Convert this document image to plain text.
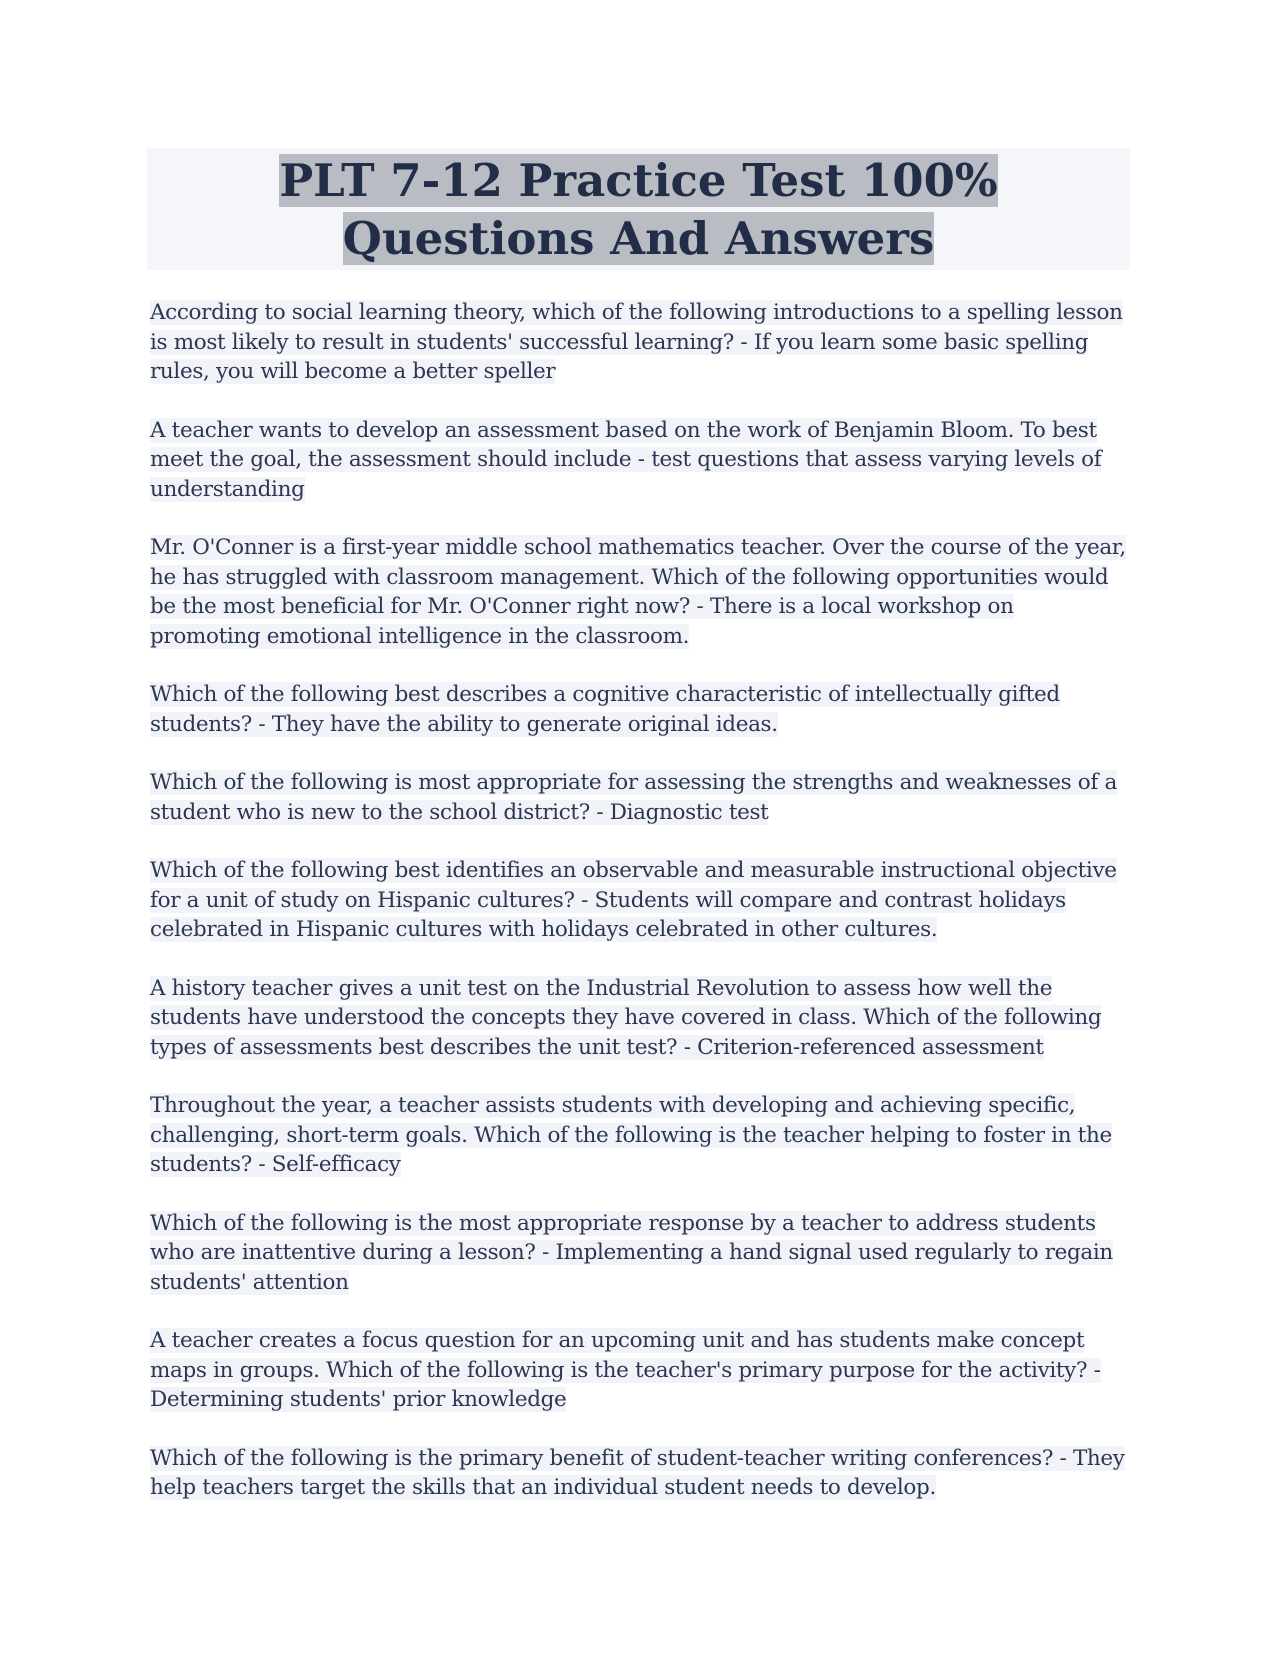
PLT 7-12 Practice Test 100% Questions And Answers

According to social learning theory, which of the following introductions to a spelling lesson is most likely to result in students' successful learning? - If you learn some basic spelling rules, you will become a better speller

A teacher wants to develop an assessment based on the work of Benjamin Bloom. To best meet the goal, the assessment should include - test questions that assess varying levels of understanding

Mr. O'Conner is a first-year middle school mathematics teacher. Over the course of the year, he has struggled with classroom management. Which of the following opportunities would be the most beneficial for Mr. O'Conner right now? - There is a local workshop on promoting emotional intelligence in the classroom.

Which of the following best describes a cognitive characteristic of intellectually gifted students? - They have the ability to generate original ideas.

Which of the following is most appropriate for assessing the strengths and weaknesses of a student who is new to the school district? - Diagnostic test

Which of the following best identifies an observable and measurable instructional objective for a unit of study on Hispanic cultures? - Students will compare and contrast holidays celebrated in Hispanic cultures with holidays celebrated in other cultures.

A history teacher gives a unit test on the Industrial Revolution to assess how well the students have understood the concepts they have covered in class. Which of the following types of assessments best describes the unit test? - Criterion-referenced assessment

Throughout the year, a teacher assists students with developing and achieving specific, challenging, short-term goals. Which of the following is the teacher helping to foster in the students? - Self-efficacy

Which of the following is the most appropriate response by a teacher to address students who are inattentive during a lesson? - Implementing a hand signal used regularly to regain students' attention

A teacher creates a focus question for an upcoming unit and has students make concept maps in groups. Which of the following is the teacher's primary purpose for the activity? - Determining students' prior knowledge

Which of the following is the primary benefit of student-teacher writing conferences? - They help teachers target the skills that an individual student needs to develop.
